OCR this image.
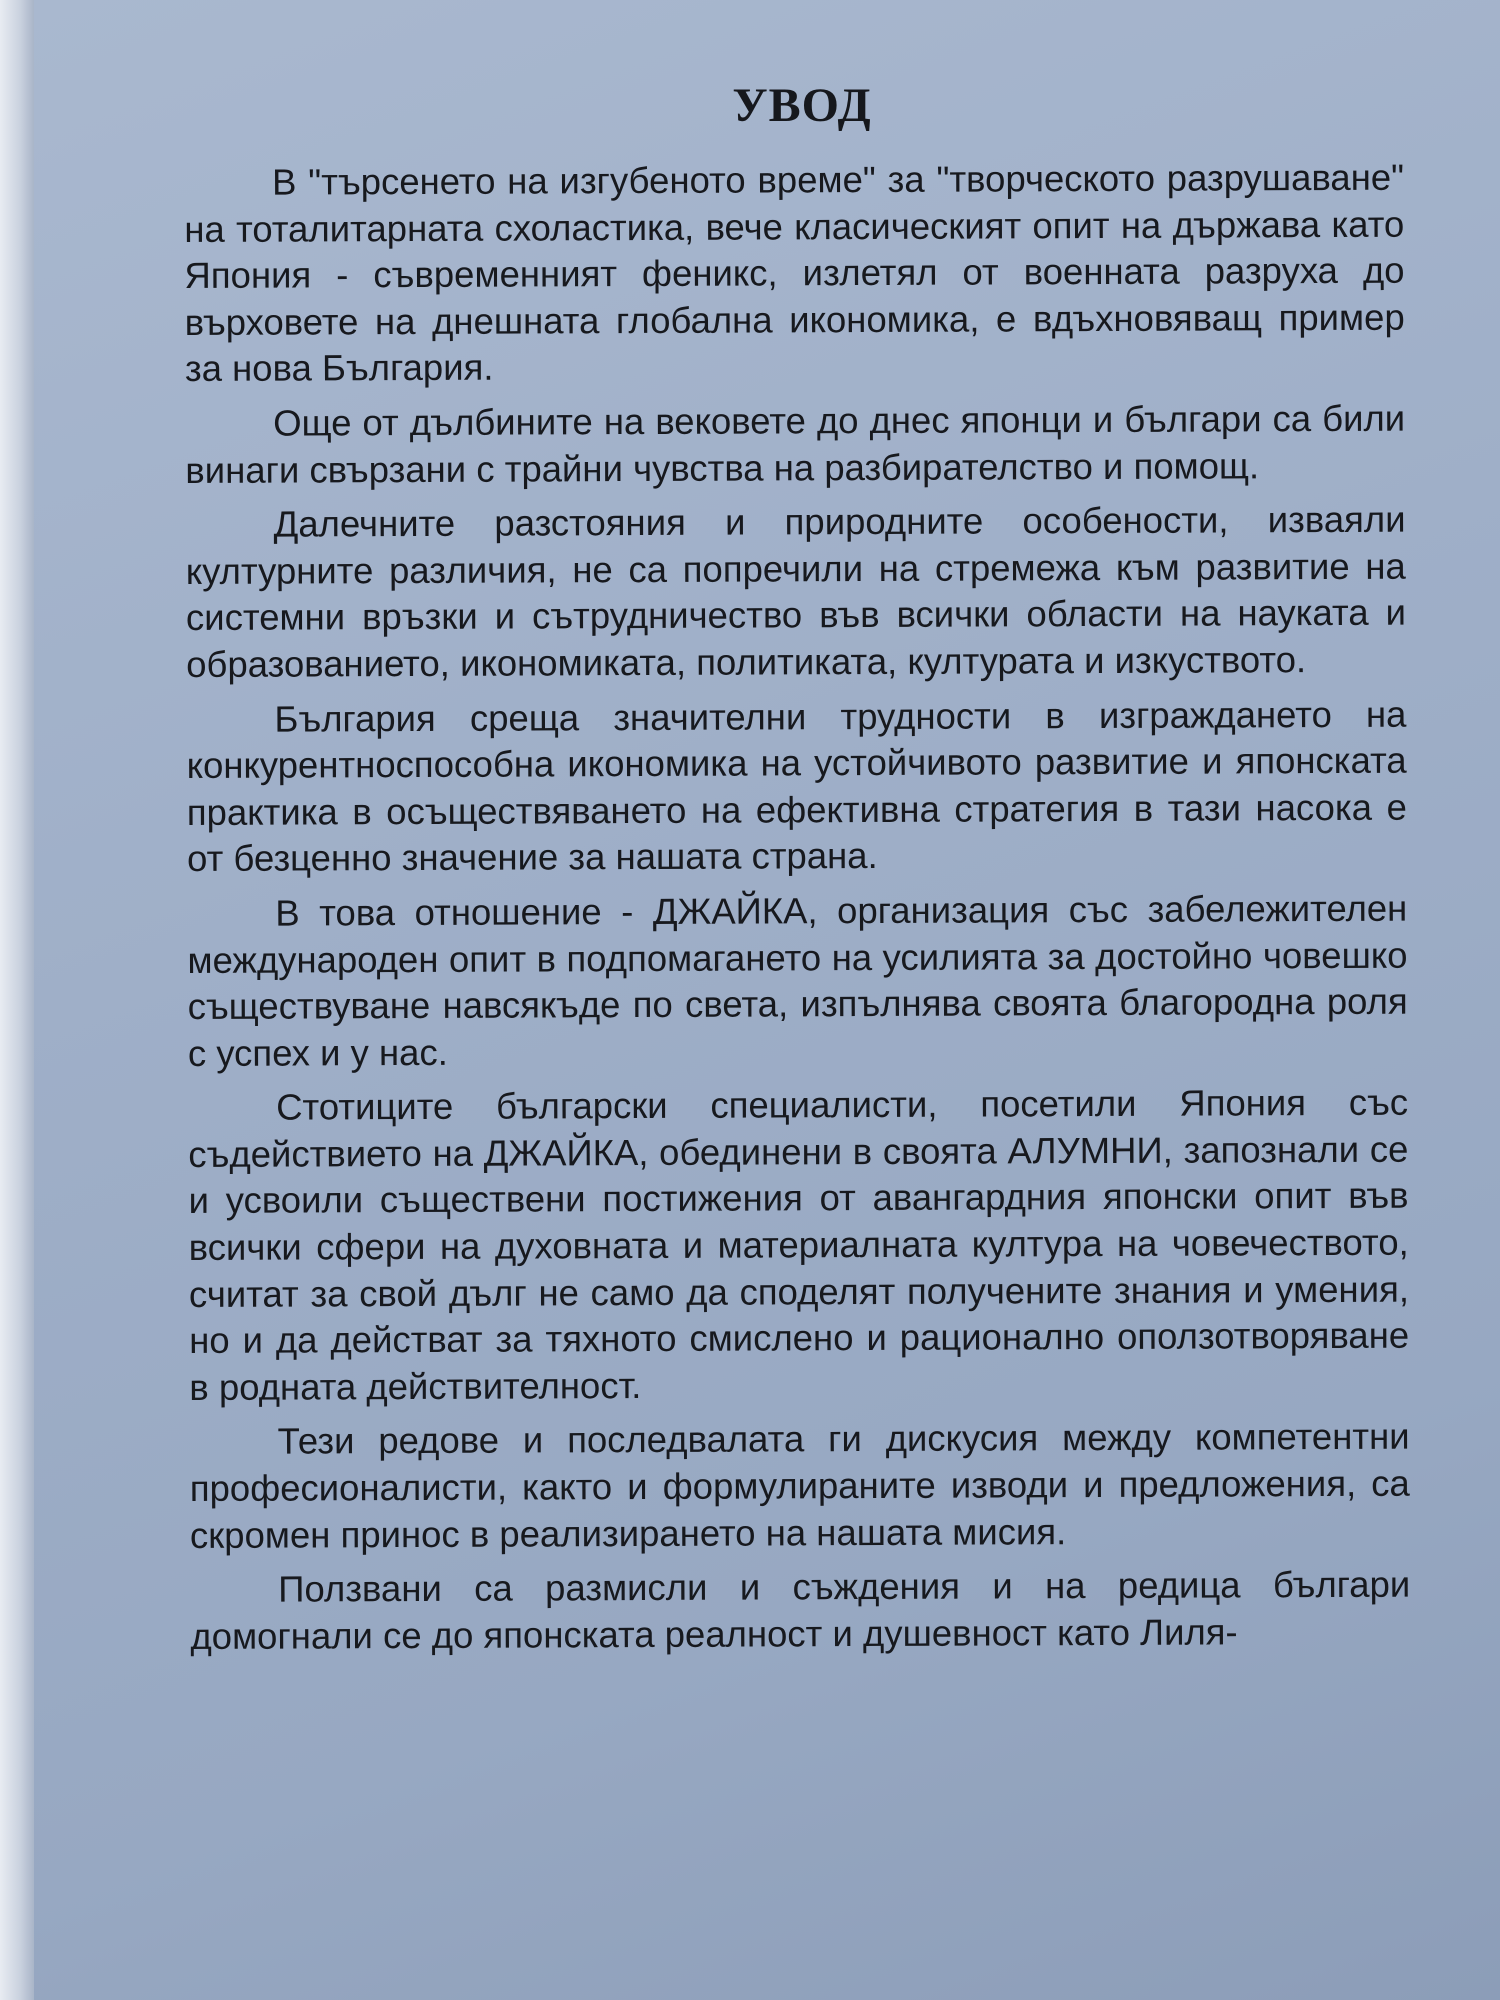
УВОД

В "търсенето на изгубеното време" за "творческото разрушаване" на тоталитарната схоластика, вече класическият опит на държава като Япония - съвременният феникс, излетял от военната разруха до върховете на днешната глобална икономика, е вдъхновяващ пример за нова България.

Още от дълбините на вековете до днес японци и българи са били винаги свързани с трайни чувства на разбирателство и помощ.

Далечните разстояния и природните особености, изваяли културните различия, не са попречили на стремежа към развитие на системни връзки и сътрудничество във всички области на науката и образованието, икономиката, политиката, културата и изкуството.

България среща значителни трудности в изграждането на конкурентноспособна икономика на устойчивото развитие и японската практика в осъществяването на ефективна стратегия в тази насока е от безценно значение за нашата страна.

В това отношение - ДЖАЙКА, организация със забележителен международен опит в подпомагането на усилията за достойно човешко съществуване навсякъде по света, изпълнява своята благородна роля с успех и у нас.

Стотиците български специалисти, посетили Япония със съдействието на ДЖАЙКА, обединени в своята АЛУМНИ, запознали се и усвоили съществени постижения от авангардния японски опит във всички сфери на духовната и материалната култура на човечеството, считат за свой дълг не само да споделят получените знания и умения, но и да действат за тяхното смислено и рационално оползотворяване в родната действителност.

Тези редове и последвалата ги дискусия между компетентни професионалисти, както и формулираните изводи и предложения, са скромен принос в реализирането на нашата мисия.

Ползвани са размисли и съждения и на редица българи домогнали се до японската реалност и душевност като Лиля-
